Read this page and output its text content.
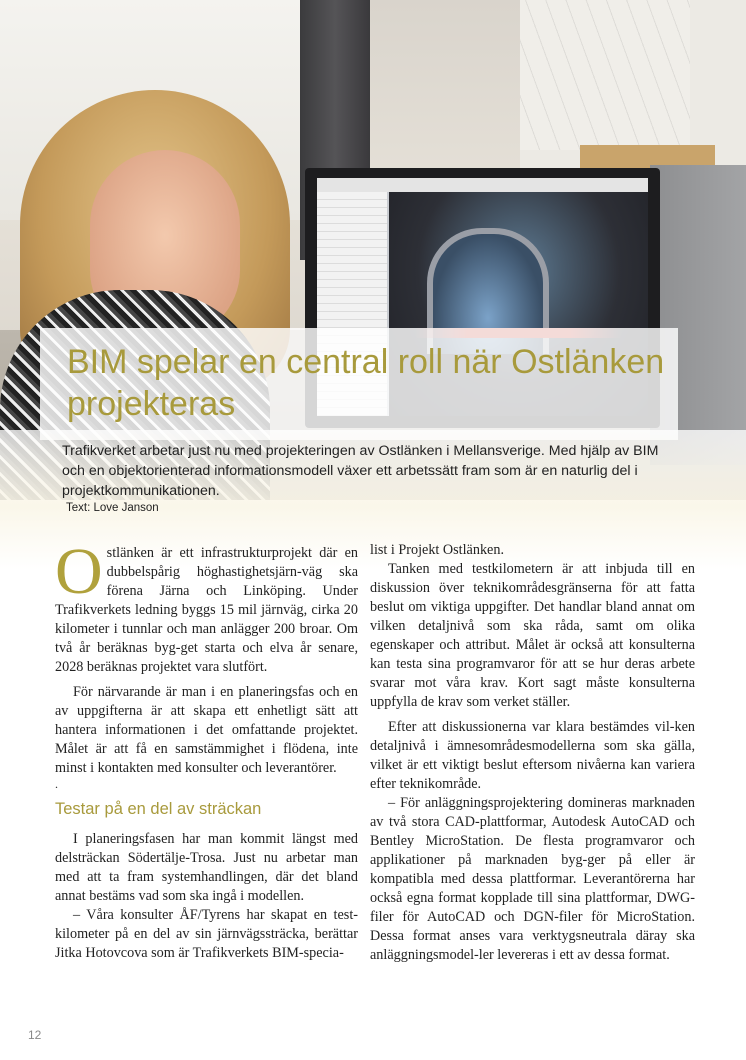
BIM spelar en central roll när Ostlänken projekteras

Trafikverket arbetar just nu med projekteringen av Ostlänken i Mellansverige. Med hjälp av BIM och en objektorienterad informationsmodell växer ett arbetssätt fram som är en naturlig del i projektkommunikationen.

Text: Love Janson

Ostlänken är ett infrastrukturprojekt där en dubbelspårig höghastighetsjärn-väg ska förena Järna och Linköping. Under Trafikverkets ledning byggs 15 mil järnväg, cirka 20 kilometer i tunnlar och man anlägger 200 broar. Om två år beräknas byg-get starta och elva år senare, 2028 beräknas projektet vara slutfört.

För närvarande är man i en planeringsfas och en av uppgifterna är att skapa ett enhetligt sätt att hantera informationen i det omfattande projektet. Målet är att få en samstämmighet i flödena, inte minst i kontakten med konsulter och leverantörer.

.

Testar på en del av sträckan

I planeringsfasen har man kommit längst med delsträckan Södertälje-Trosa. Just nu arbetar man med att ta fram systemhandlingen, där det bland annat bestäms vad som ska ingå i modellen.

– Våra konsulter ÅF/Tyrens har skapat en test-kilometer på en del av sin järnvägssträcka, berättar Jitka Hotovcova som är Trafikverkets BIM-specia-

list i Projekt Ostlänken.

Tanken med testkilometern är att inbjuda till en diskussion över teknikområdesgränserna för att fatta beslut om viktiga uppgifter. Det handlar bland annat om vilken detaljnivå som ska råda, samt om olika egenskaper och attribut. Målet är också att konsulterna kan testa sina programvaror för att se hur deras arbete svarar mot våra krav. Kort sagt måste konsulterna uppfylla de krav som verket ställer.

Efter att diskussionerna var klara bestämdes vil-ken detaljnivå i ämnesområdesmodellerna som ska gälla, vilket är ett viktigt beslut eftersom nivåerna kan variera efter teknikområde.

– För anläggningsprojektering domineras marknaden av två stora CAD-plattformar, Autodesk AutoCAD och Bentley MicroStation. De flesta programvaror och applikationer på marknaden byg-ger på eller är kompatibla med dessa plattformar. Leverantörerna har också egna format kopplade till sina plattformar, DWG-filer för AutoCAD och DGN-filer för MicroStation. Dessa format anses vara verktygsneutrala däray ska anläggningsmodel-ler levereras i ett av dessa format.

12
